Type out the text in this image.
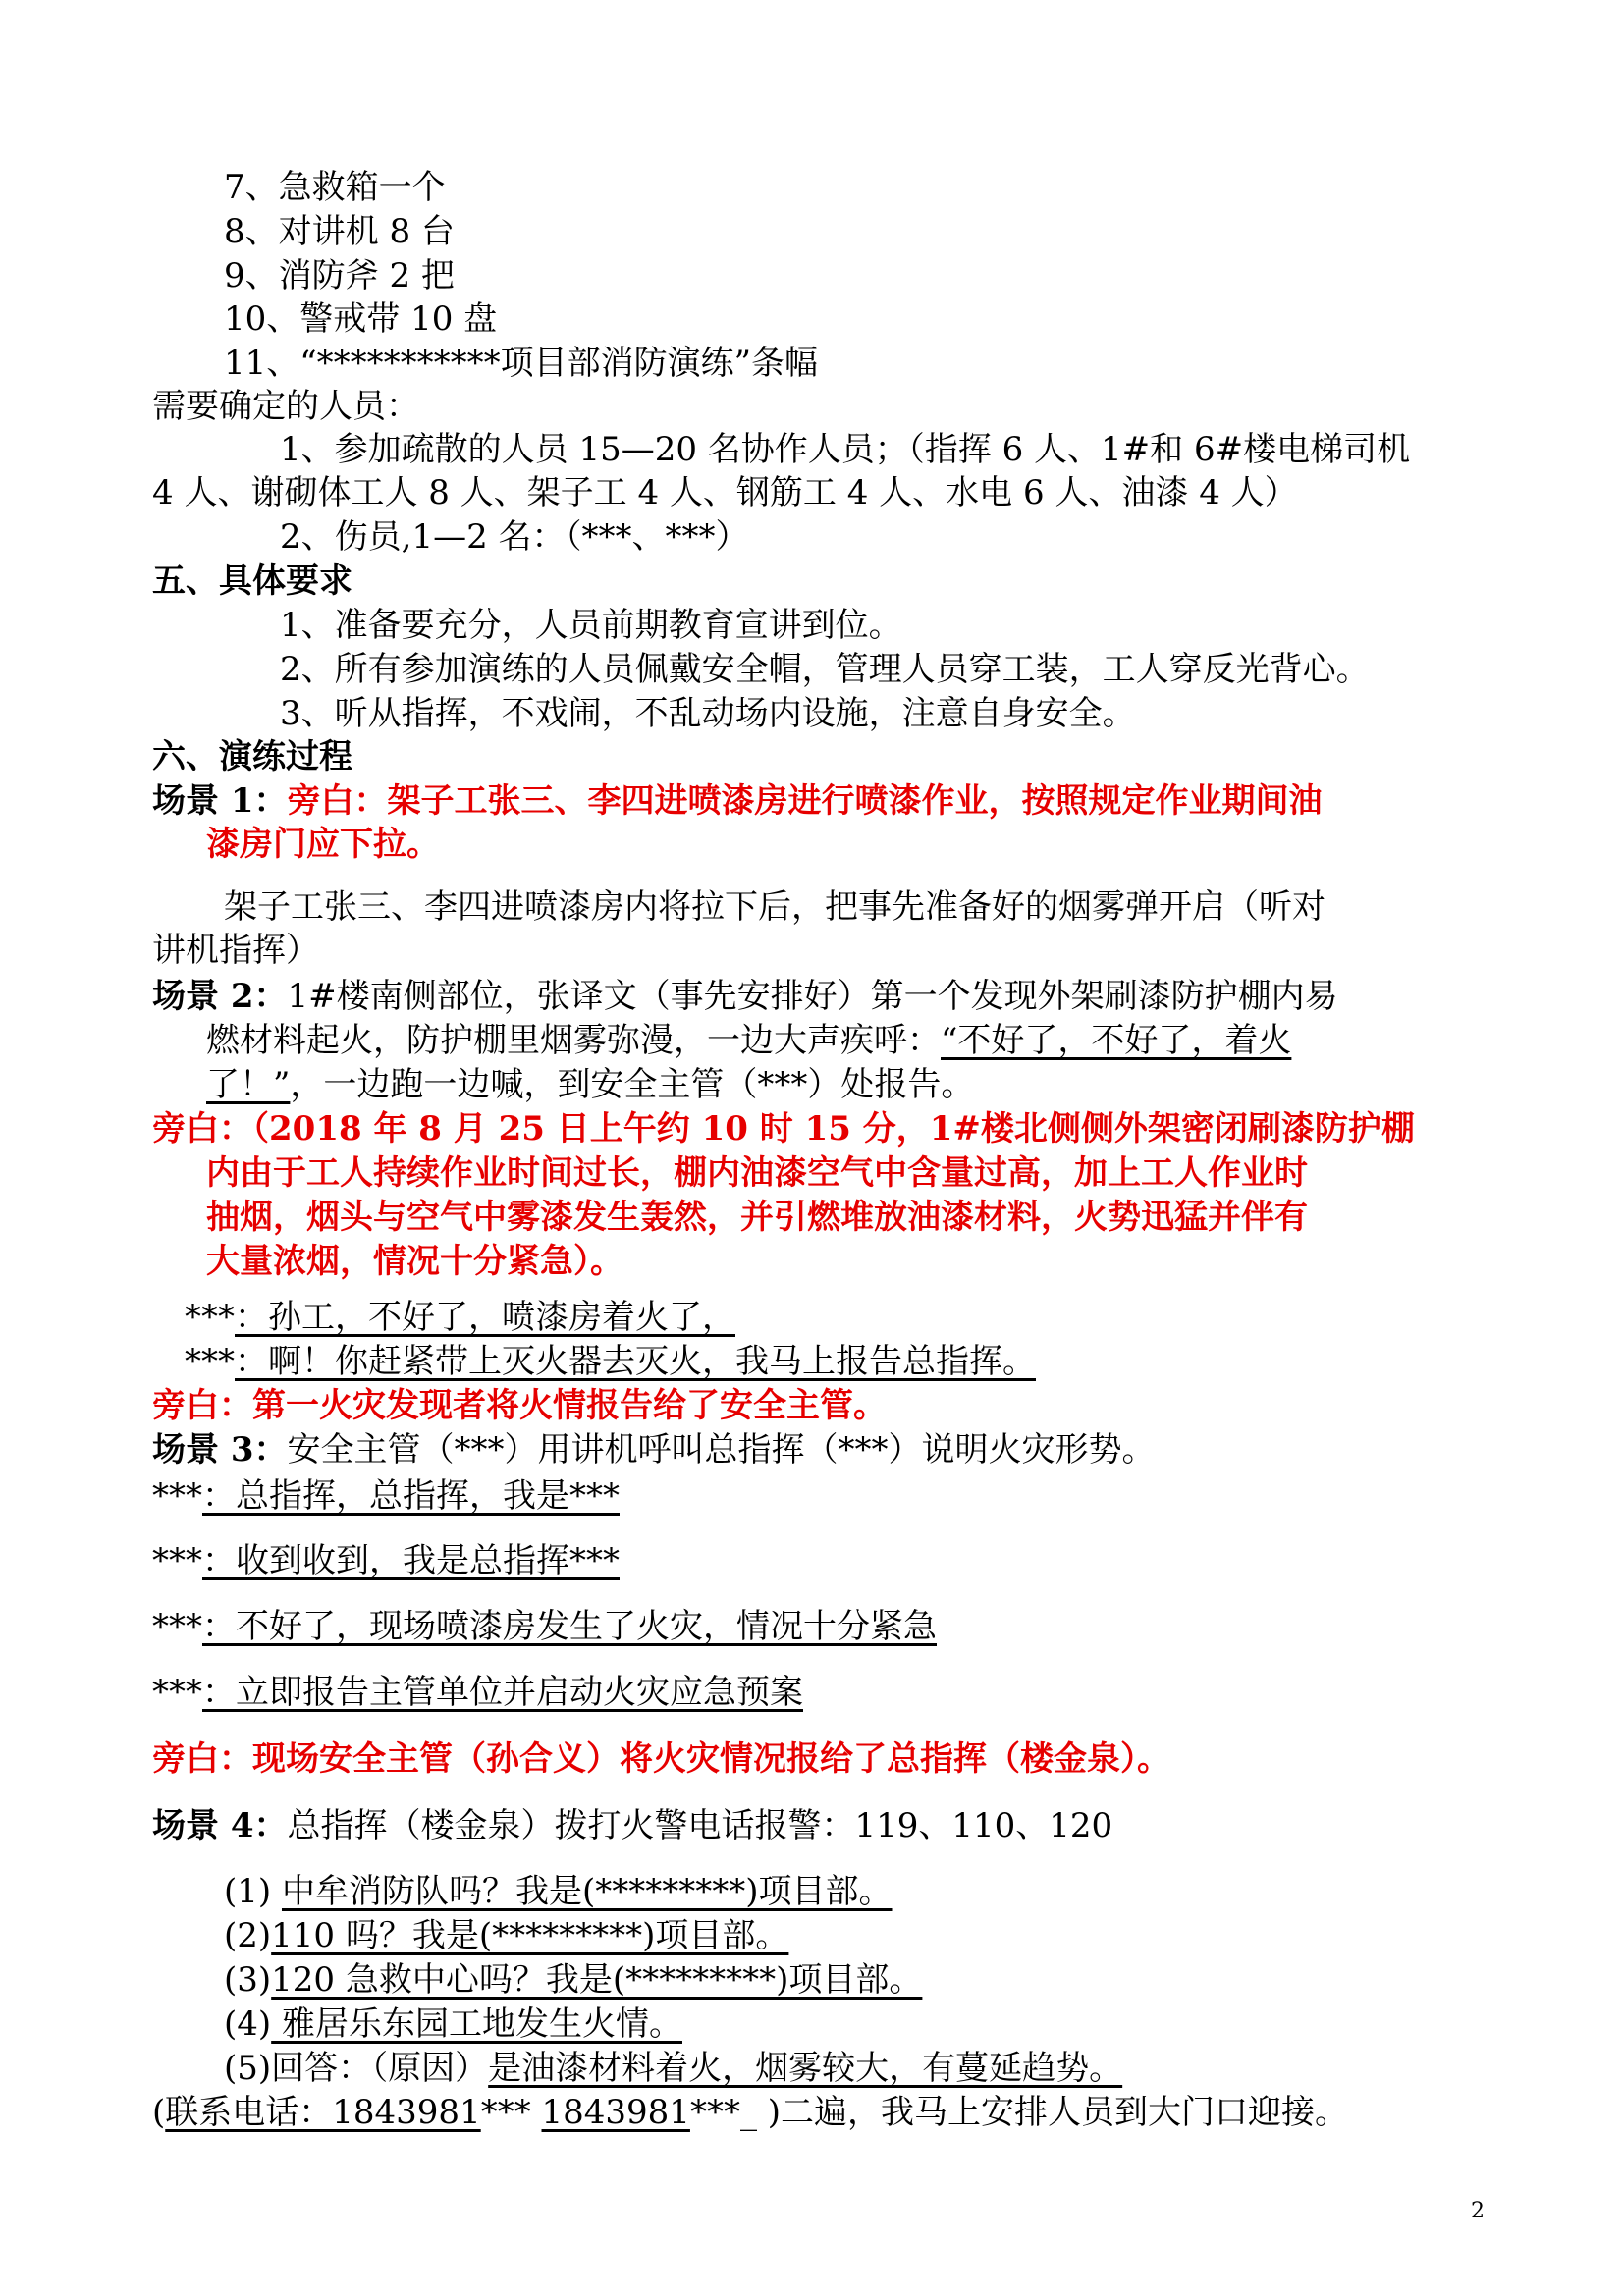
7、急救箱一个
8、对讲机 8 台
9、消防斧 2 把
10、警戒带 10 盘
11、“***********项目部消防演练”条幅
需要确定的人员：
1、参加疏散的人员 15—20 名协作人员；（指挥 6 人、1#和 6#楼电梯司机
4 人、谢砌体工人 8 人、架子工 4 人、钢筋工 4 人、水电 6 人、油漆 4 人）
2、伤员,1—2 名：（***、***）
五、具体要求
1、准备要充分，人员前期教育宣讲到位。
2、所有参加演练的人员佩戴安全帽，管理人员穿工装，工人穿反光背心。
3、听从指挥，不戏闹，不乱动场内设施，注意自身安全。
六、演练过程
场景 1：旁白：架子工张三、李四进喷漆房进行喷漆作业，按照规定作业期间油
漆房门应下拉。
架子工张三、李四进喷漆房内将拉下后，把事先准备好的烟雾弹开启（听对
讲机指挥）
场景 2：1#楼南侧部位，张译文（事先安排好）第一个发现外架刷漆防护棚内易
燃材料起火，防护棚里烟雾弥漫，一边大声疾呼：“不好了，不好了，着火
了！”，一边跑一边喊，到安全主管（***）处报告。
旁白：（2018 年 8 月 25 日上午约 10 时 15 分，1#楼北侧侧外架密闭刷漆防护棚
内由于工人持续作业时间过长，棚内油漆空气中含量过高，加上工人作业时
抽烟，烟头与空气中雾漆发生轰然，并引燃堆放油漆材料，火势迅猛并伴有
大量浓烟，情况十分紧急）。
***：孙工，不好了，喷漆房着火了，
***：啊！你赶紧带上灭火器去灭火，我马上报告总指挥。
旁白：第一火灾发现者将火情报告给了安全主管。
场景 3：安全主管（***）用讲机呼叫总指挥（***）说明火灾形势。
***：总指挥，总指挥，我是***
***：收到收到，我是总指挥***
***：不好了，现场喷漆房发生了火灾，情况十分紧急
***：立即报告主管单位并启动火灾应急预案
旁白：现场安全主管（孙合义）将火灾情况报给了总指挥（楼金泉）。
场景 4：总指挥（楼金泉）拨打火警电话报警：119、110、120
(1) 中牟消防队吗？我是(*********)项目部。
(2)110 吗？我是(*********)项目部。
(3)120 急救中心吗？我是(*********)项目部。
(4) 雅居乐东园工地发生火情。
(5)回答：（原因）是油漆材料着火，烟雾较大，有蔓延趋势。
(联系电话：1843981*** 1843981***_ )二遍，我马上安排人员到大门口迎接。
2
